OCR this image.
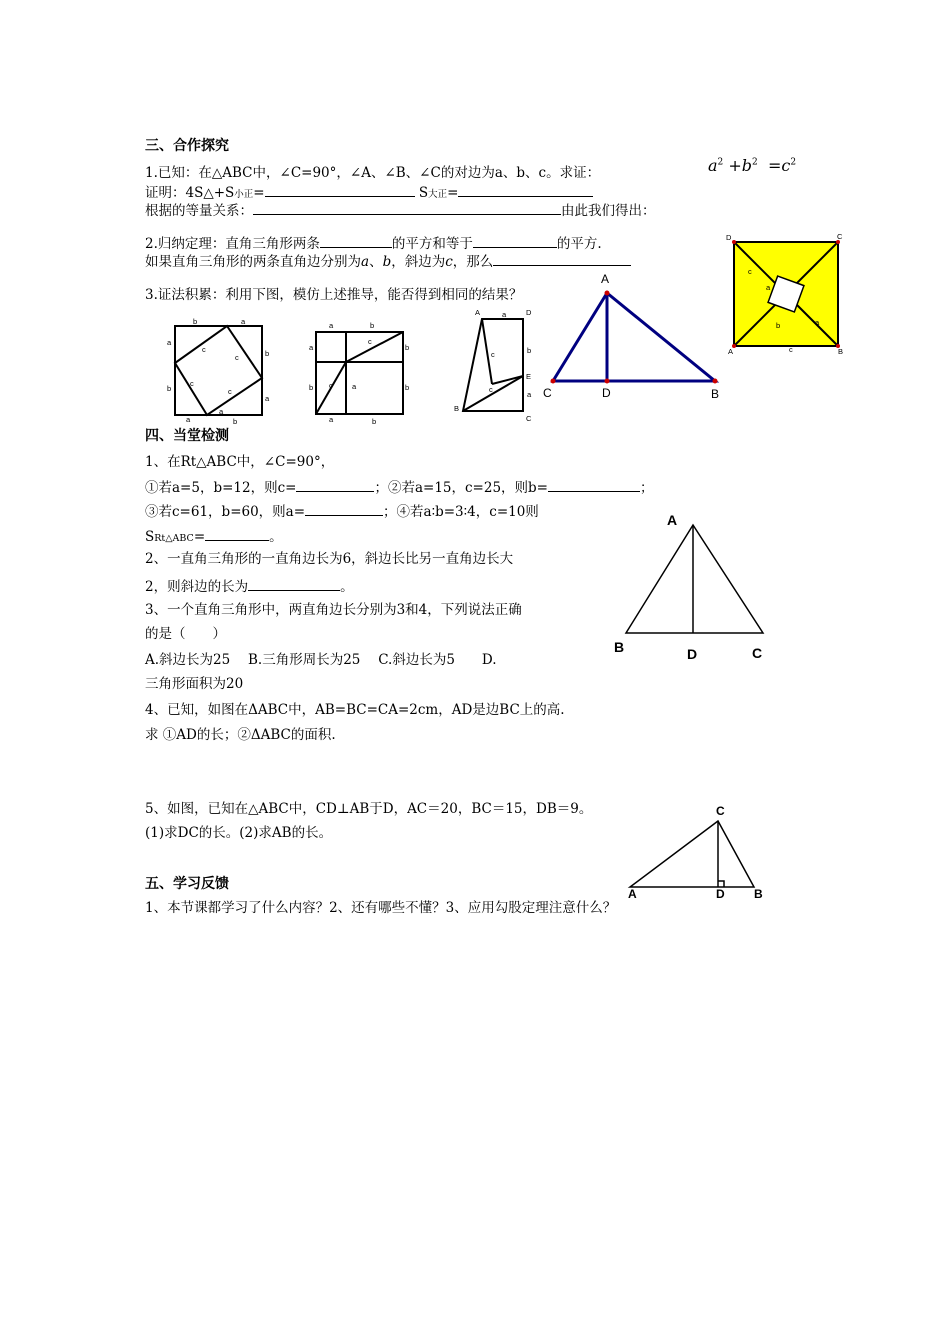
三、合作探究
1.已知：在△ABC中，∠C=90°，∠A、∠B、∠C的对边为a、b、c。求证：	$a^2 +b^2 =c^2$
证明：4S△+S小正=	S大正=
根据的等量关系：	由此我们得出：
2.归纳定理：直角三角形两条	的平方和等于	的平方.
如果直角三角形的两条直角边分别为a、b，斜边为c，那么
3.证法积累：利用下图，模仿上述推导，能否得到相同的结果？
b	a
a
c	b
c
b
c
a
b
a
c
a
a	b
a
c
b
b c	a	b
a	b
A	a	D
b
c
E
B
c
a
C
A
C	D	B
D	C
A	B
c
a
b
c
a
四、当堂检测
1、在Rt△ABC中，∠C=90°，
①若a=5，b=12，则c=	；②若a=15，c=25，则b=	；
③若c=61，b=60，则a=	；④若a∶b=3∶4，c=10则
SRt△ABC=	。
2、一直角三角形的一直角边长为6，斜边长比另一直角边长大
2，则斜边的长为	。
3、一个直角三角形中，两直角边长分别为3和4，下列说法正确
的是（　　）
A.斜边长为25　 B.三角形周长为25　 C.斜边长为5　　D.
三角形面积为20
4、已知，如图在ΔABC中，AB=BC=CA=2cm，AD是边BC上的高.
求 ①AD的长；②ΔABC的面积.
5、如图，已知在△ABC中，CD⊥AB于D，AC＝20，BC＝15，DB＝9。
(1)求DC的长。(2)求AB的长。
A
B	D	C
C
A	D B
五、学习反馈
1、本节课都学习了什么内容？2、还有哪些不懂？3、应用勾股定理注意什么？
